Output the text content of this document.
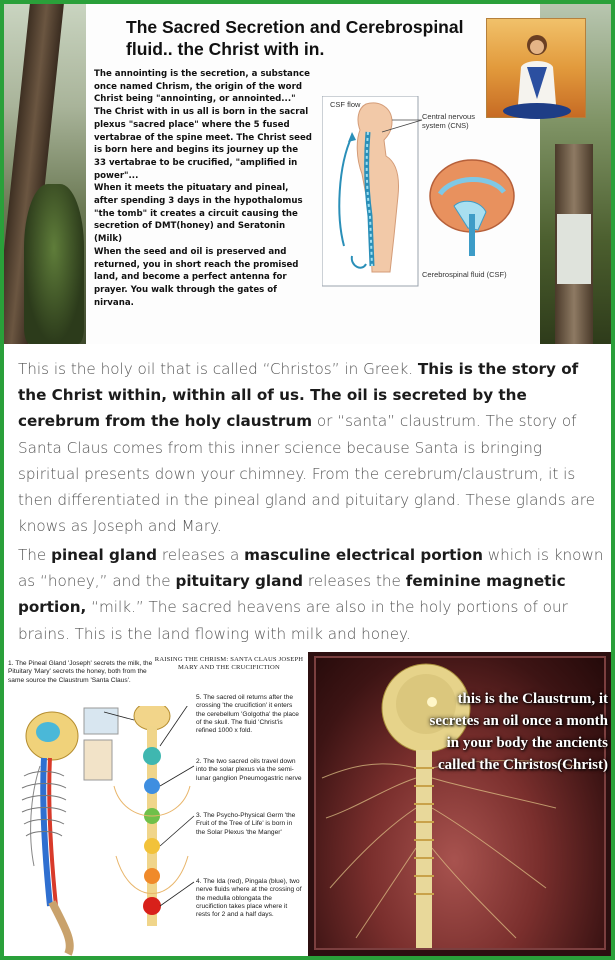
The Sacred Secretion and Cerebrospinal fluid.. the Christ with in.
The annointing is the secretion, a substance once named Chrism, the origin of the word Christ being "annointing, or annointed..."
The Christ with in us all is born in the sacral plexus "sacred place" where the 5 fused vertabrae of the spine meet. The Christ seed is born here and begins its journey up the 33 vertabrae to be crucified, "amplified in power"...
When it meets the pituatary and pineal, after spending 3 days in the hypothalomus "the tomb" it creates a circuit causing the secretion of DMT(honey) and Seratonin (Milk)
When the seed and oil is preserved and returned, you in short reach the promised land, and become a perfect antenna for prayer. You walk through the gates of nirvana.
CSF flow
Central nervous system (CNS)
Cerebrospinal fluid (CSF)

This is the holy oil that is called “Christos” in Greek. This is the story of the Christ within, within all of us. The oil is secreted by the cerebrum from the holy claustrum or “santa” claustrum. The story of Santa Claus comes from this inner science because Santa is bringing spiritual presents down your chimney. From the cerebrum/claustrum, it is then differentiated in the pineal gland and pituitary gland. These glands are knows as Joseph and Mary.

The pineal gland releases a masculine electrical portion which is known as “honey,” and the pituitary gland releases the feminine magnetic portion, “milk.” The sacred heavens are also in the holy portions of our brains. This is the land flowing with milk and honey.

RAISING THE CHRISM: SANTA CLAUS JOSEPH MARY AND THE CRUCIFICTION
1. The Pineal Gland 'Joseph' secrets the milk, the Pituitary 'Mary' secrets the honey, both from the same source the Claustrum 'Santa Claus'.
5. The sacred oil returns after the crossing 'the crucifiction' it enters the cerebellum 'Golgotha' the place of the skull. The fluid 'Christ'is refined 1000 x fold.
2. The two sacred oils travel down into the solar plexus via the semi-lunar ganglion Pneumogastric nerve
3. The Psycho-Physical Germ 'the Fruit of the Tree of Life' is born in the Solar Plexus 'the Manger'
4. The Ida (red), Pingala (blue), two nerve fluids where at the crossing of the medulla oblongata the crucifiction takes place where it rests for 2 and a half days.
this is the Claustrum, it secretes an oil once a month in your body the ancients called the Christos(Christ)
